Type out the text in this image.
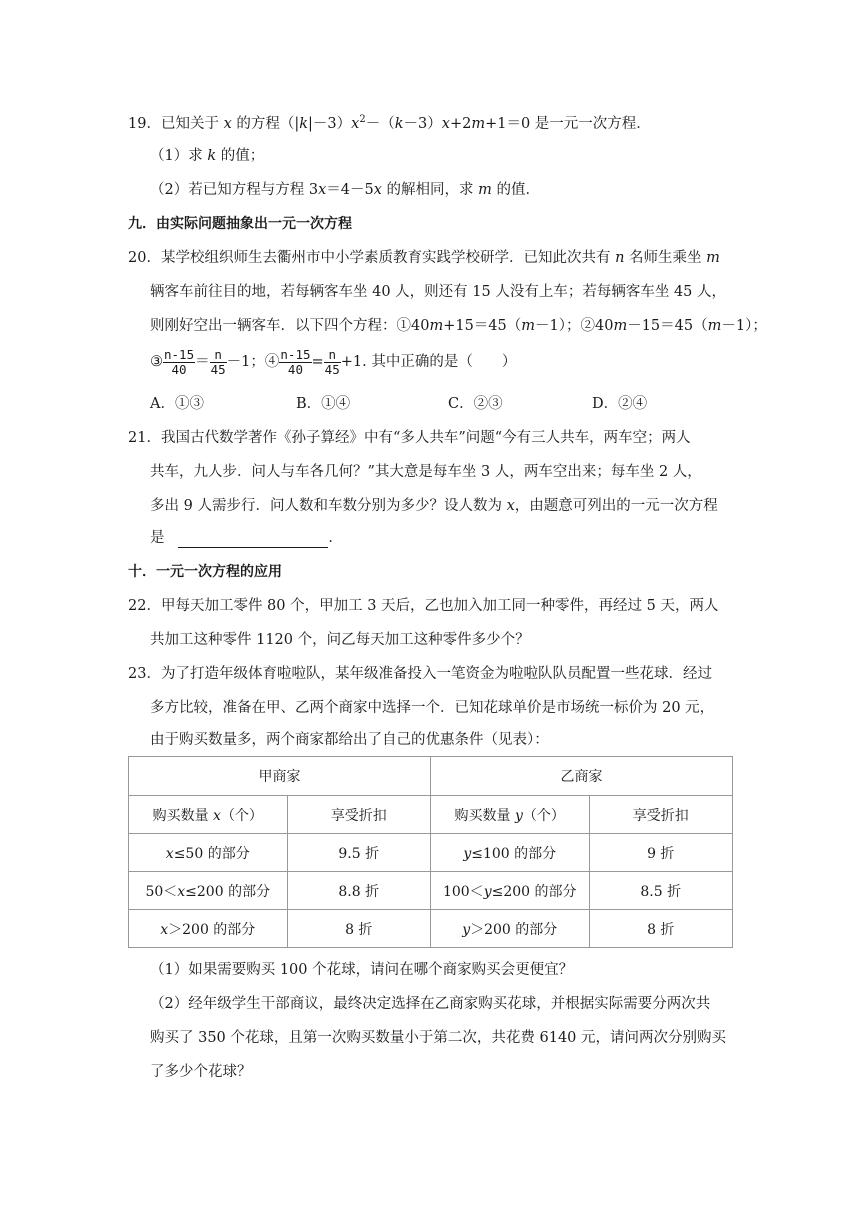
19．已知关于 x 的方程$(|k|-3)x^2-(k-3)x+2m+1=0$ 是一元一次方程．
（1）求 k 的值；
（2）若已知方程与方程 3x＝4－5x 的解相同，求 m 的值．
九．由实际问题抽象出一元一次方程
20．某学校组织师生去衢州市中小学素质教育实践学校研学．已知此次共有 n 名师生乘坐 m
辆客车前往目的地，若每辆客车坐 40 人，则还有 15 人没有上车；若每辆客车坐 45 人，
则刚好空出一辆客车．以下四个方程：①40m+15＝45（m－1）；②40m－15＝45（m－1）；
③ $\frac{n-15}{40} = \frac{n}{45} -1$；④ $\frac{n-15}{40} = \frac{n}{45} +1$. 其中正确的是（　　）
A．①③	B．①④	C．②③	D．②④
21．我国古代数学著作《孙子算经》中有“多人共车”问题“今有三人共车，两车空；两人
共车，九人步．问人与车各几何？”其大意是每车坐 3 人，两车空出来；每车坐 2 人，
多出 9 人需步行．问人数和车数分别为多少？设人数为 x，由题意可列出的一元一次方程
是	．
十．一元一次方程的应用
22．甲每天加工零件 80 个，甲加工 3 天后，乙也加入加工同一种零件，再经过 5 天，两人
共加工这种零件 1120 个，问乙每天加工这种零件多少个？
23．为了打造年级体育啦啦队，某年级准备投入一笔资金为啦啦队队员配置一些花球．经过
多方比较，准备在甲、乙两个商家中选择一个．已知花球单价是市场统一标价为 20 元，
由于购买数量多，两个商家都给出了自己的优惠条件（见表）：
甲商家		乙商家	
购买数量 x（个）	享受折扣	购买数量 y（个）	享受折扣
x≤50 的部分	9.5 折	y≤100 的部分	9 折
50＜x≤200 的部分	8.8 折	100＜y≤200 的部分	8.5 折
x＞200 的部分	8 折	y＞200 的部分	8 折
（1）如果需要购买 100 个花球，请问在哪个商家购买会更便宜？
（2）经年级学生干部商议，最终决定选择在乙商家购买花球，并根据实际需要分两次共
购买了 350 个花球，且第一次购买数量小于第二次，共花费 6140 元，请问两次分别购买
了多少个花球？
